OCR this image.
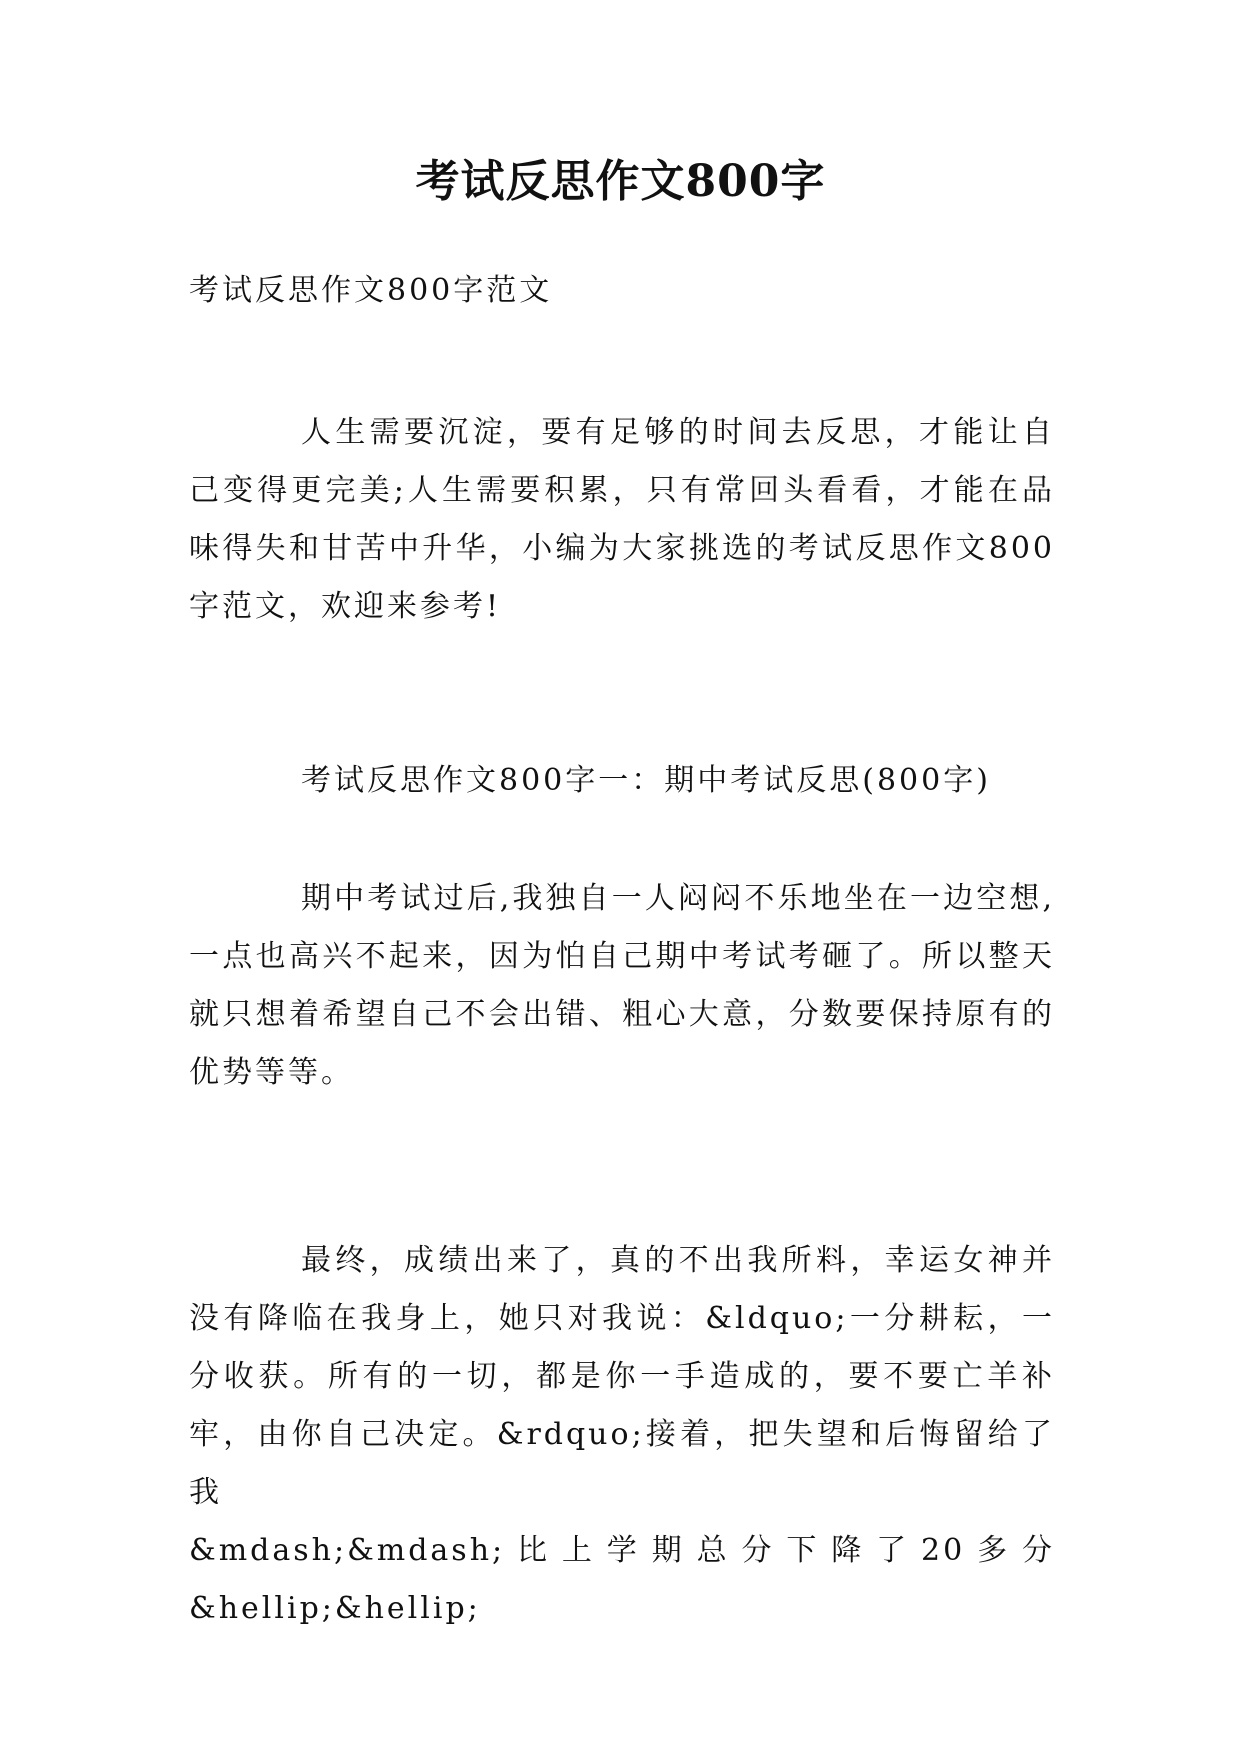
考试反思作文800字

考试反思作文800字范文

人生需要沉淀，要有足够的时间去反思，才能让自己变得更完美;人生需要积累，只有常回头看看，才能在品味得失和甘苦中升华，小编为大家挑选的考试反思作文800字范文，欢迎来参考!

考试反思作文800字一：期中考试反思(800字)

期中考试过后,我独自一人闷闷不乐地坐在一边空想,一点也高兴不起来，因为怕自己期中考试考砸了。所以整天就只想着希望自己不会出错、粗心大意，分数要保持原有的优势等等。

最终，成绩出来了，真的不出我所料，幸运女神并没有降临在我身上，她只对我说：&ldquo;一分耕耘，一分收获。所有的一切，都是你一手造成的，要不要亡羊补牢，由你自己决定。&rdquo;接着，把失望和后悔留给了我
&mdash;&mdash;比上学期总分下降了20多分
&hellip;&hellip;
